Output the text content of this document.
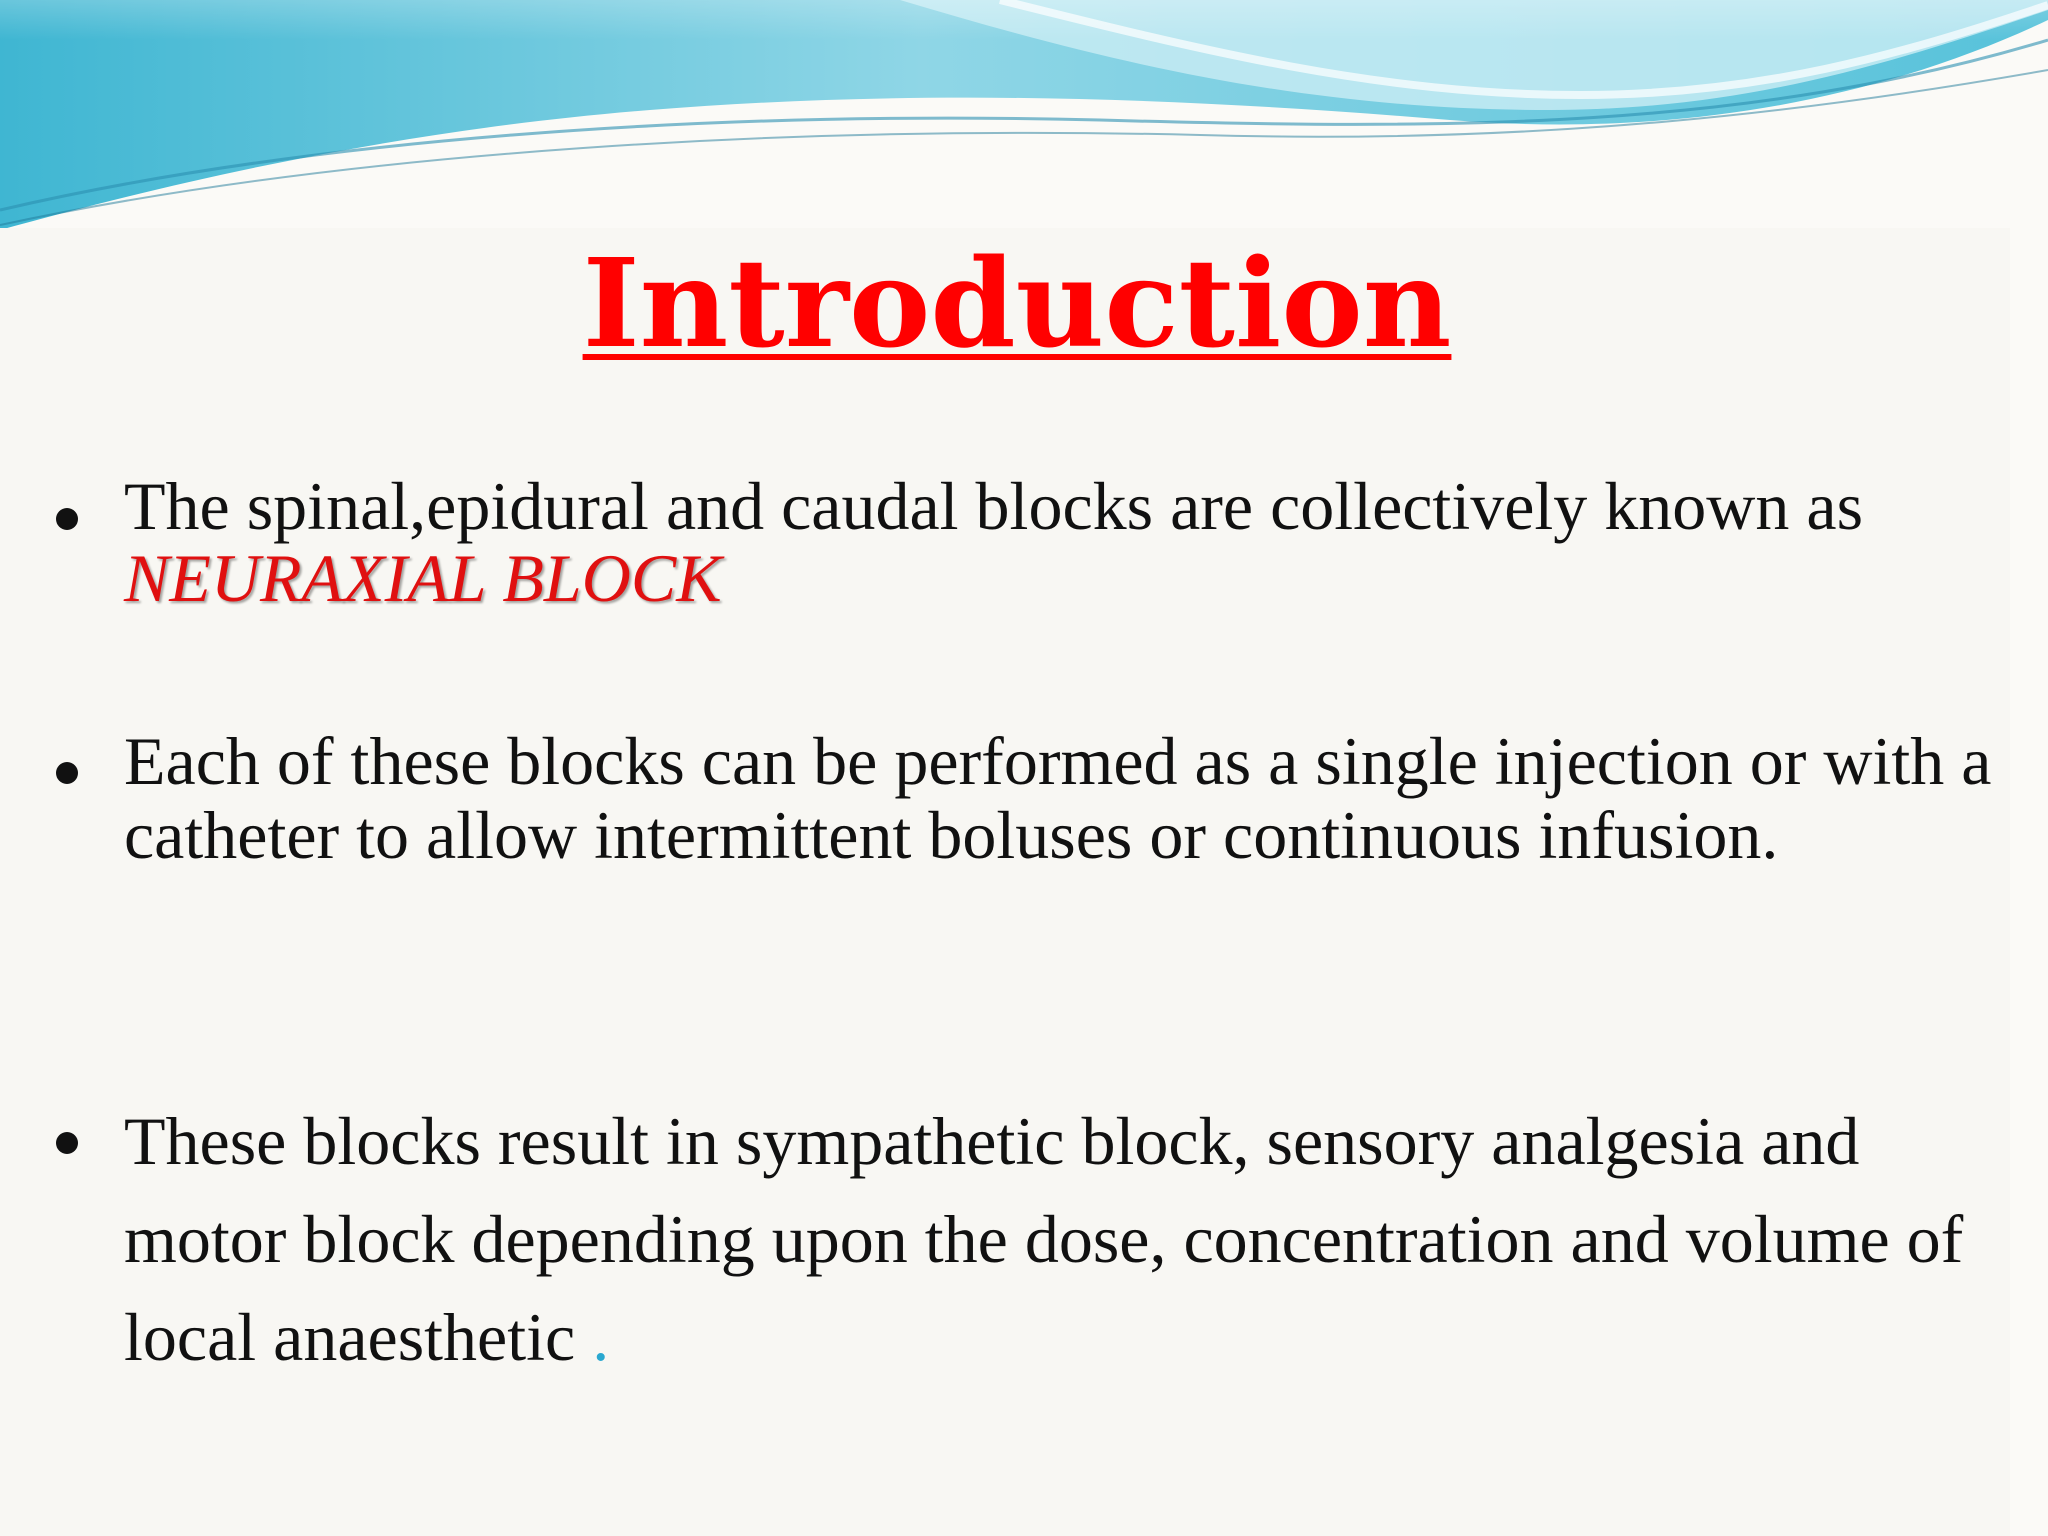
Introduction
The spinal,epidural and caudal blocks are collectively known as
NEURAXIAL BLOCK
Each of these blocks can be performed as a single injection or with a catheter to allow intermittent boluses or continuous infusion.
These blocks result in sympathetic block, sensory analgesia and motor block depending upon the dose, concentration and volume of local anaesthetic .
